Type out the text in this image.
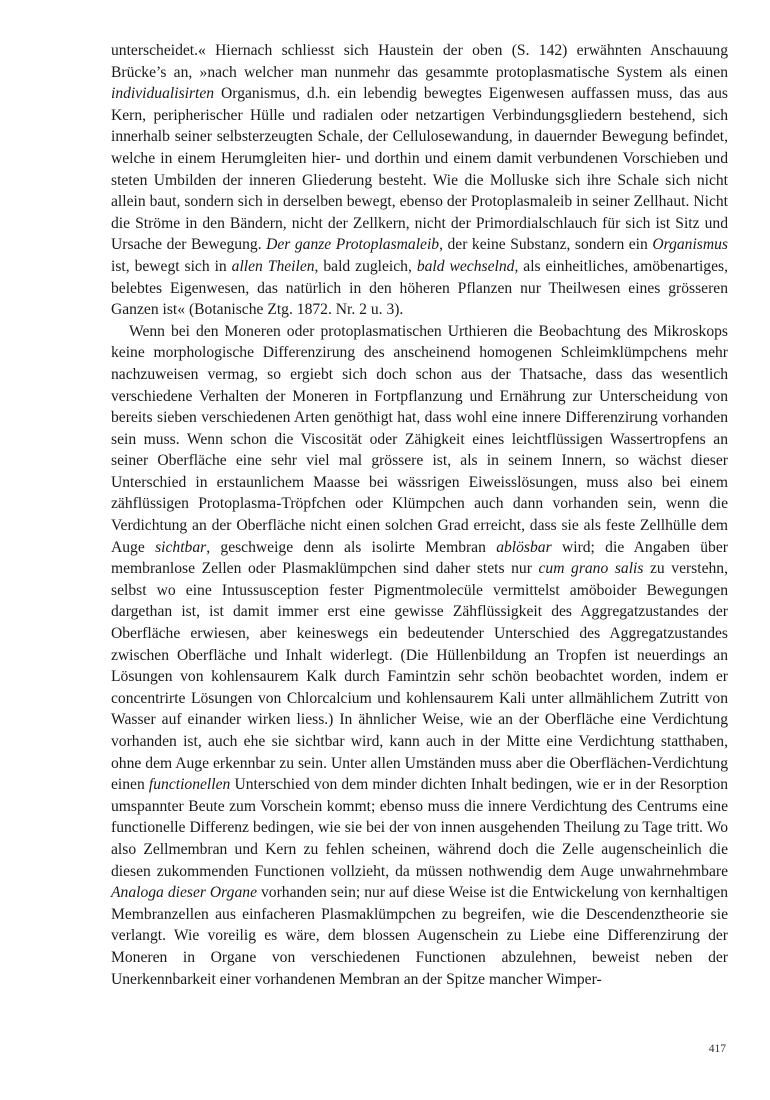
unterscheidet.« Hiernach schliesst sich Haustein der oben (S. 142) erwähnten Anschauung Brücke’s an, »nach welcher man nunmehr das gesammte protoplasmatische System als einen individualisirten Organismus, d.h. ein lebendig bewegtes Eigenwesen auffassen muss, das aus Kern, peripherischer Hülle und radialen oder netzartigen Verbindungsgliedern bestehend, sich innerhalb seiner selbsterzeugten Schale, der Cellulosewandung, in dauernder Bewegung befindet, welche in einem Herumgleiten hier- und dorthin und einem damit verbundenen Vorschieben und steten Umbilden der inneren Gliederung besteht. Wie die Molluske sich ihre Schale sich nicht allein baut, sondern sich in derselben bewegt, ebenso der Protoplasmaleib in seiner Zellhaut. Nicht die Ströme in den Bändern, nicht der Zellkern, nicht der Primordialschlauch für sich ist Sitz und Ursache der Bewegung. Der ganze Protoplasmaleib, der keine Substanz, sondern ein Organismus ist, bewegt sich in allen Theilen, bald zugleich, bald wechselnd, als einheitliches, amöbenartiges, belebtes Eigenwesen, das natürlich in den höheren Pflanzen nur Theilwesen eines grösseren Ganzen ist« (Botanische Ztg. 1872. Nr. 2 u. 3).

Wenn bei den Moneren oder protoplasmatischen Urthieren die Beobachtung des Mikroskops keine morphologische Differenzirung des anscheinend homogenen Schleimklümpchens mehr nachzuweisen vermag, so ergiebt sich doch schon aus der Thatsache, dass das wesentlich verschiedene Verhalten der Moneren in Fortpflanzung und Ernährung zur Unterscheidung von bereits sieben verschiedenen Arten genöthigt hat, dass wohl eine innere Differenzirung vorhanden sein muss. Wenn schon die Viscosität oder Zähigkeit eines leichtflüssigen Wassertropfens an seiner Oberfläche eine sehr viel mal grössere ist, als in seinem Innern, so wächst dieser Unterschied in erstaunlichem Maasse bei wässrigen Eiweisslösungen, muss also bei einem zähflüssigen Protoplasma-Tröpfchen oder Klümpchen auch dann vorhanden sein, wenn die Verdichtung an der Oberfläche nicht einen solchen Grad erreicht, dass sie als feste Zellhülle dem Auge sichtbar, geschweige denn als isolirte Membran ablösbar wird; die Angaben über membranlose Zellen oder Plasmaklümpchen sind daher stets nur cum grano salis zu verstehn, selbst wo eine Intussusception fester Pigmentmolecüle vermittelst amöboider Bewegungen dargethan ist, ist damit immer erst eine gewisse Zähflüssigkeit des Aggregatzustandes der Oberfläche erwiesen, aber keineswegs ein bedeutender Unterschied des Aggregatzustandes zwischen Oberfläche und Inhalt widerlegt. (Die Hüllenbildung an Tropfen ist neuerdings an Lösungen von kohlensaurem Kalk durch Famintzin sehr schön beobachtet worden, indem er concentrirte Lösungen von Chlorcalcium und kohlensaurem Kali unter allmählichem Zutritt von Wasser auf einander wirken liess.) In ähnlicher Weise, wie an der Oberfläche eine Verdichtung vorhanden ist, auch ehe sie sichtbar wird, kann auch in der Mitte eine Verdichtung statthaben, ohne dem Auge erkennbar zu sein. Unter allen Umständen muss aber die Oberflächen-Verdichtung einen functionellen Unterschied von dem minder dichten Inhalt bedingen, wie er in der Resorption umspannter Beute zum Vorschein kommt; ebenso muss die innere Verdichtung des Centrums eine functionelle Differenz bedingen, wie sie bei der von innen ausgehenden Theilung zu Tage tritt. Wo also Zellmembran und Kern zu fehlen scheinen, während doch die Zelle augenscheinlich die diesen zukommenden Functionen vollzieht, da müssen nothwendig dem Auge unwahrnehmbare Analoga dieser Organe vorhanden sein; nur auf diese Weise ist die Entwickelung von kernhaltigen Membranzellen aus einfacheren Plasmaklümpchen zu begreifen, wie die Descendenztheorie sie verlangt. Wie voreilig es wäre, dem blossen Augenschein zu Liebe eine Differenzirung der Moneren in Organe von verschiedenen Functionen abzulehnen, beweist neben der Unerkennbarkeit einer vorhandenen Membran an der Spitze mancher Wimper-

417
